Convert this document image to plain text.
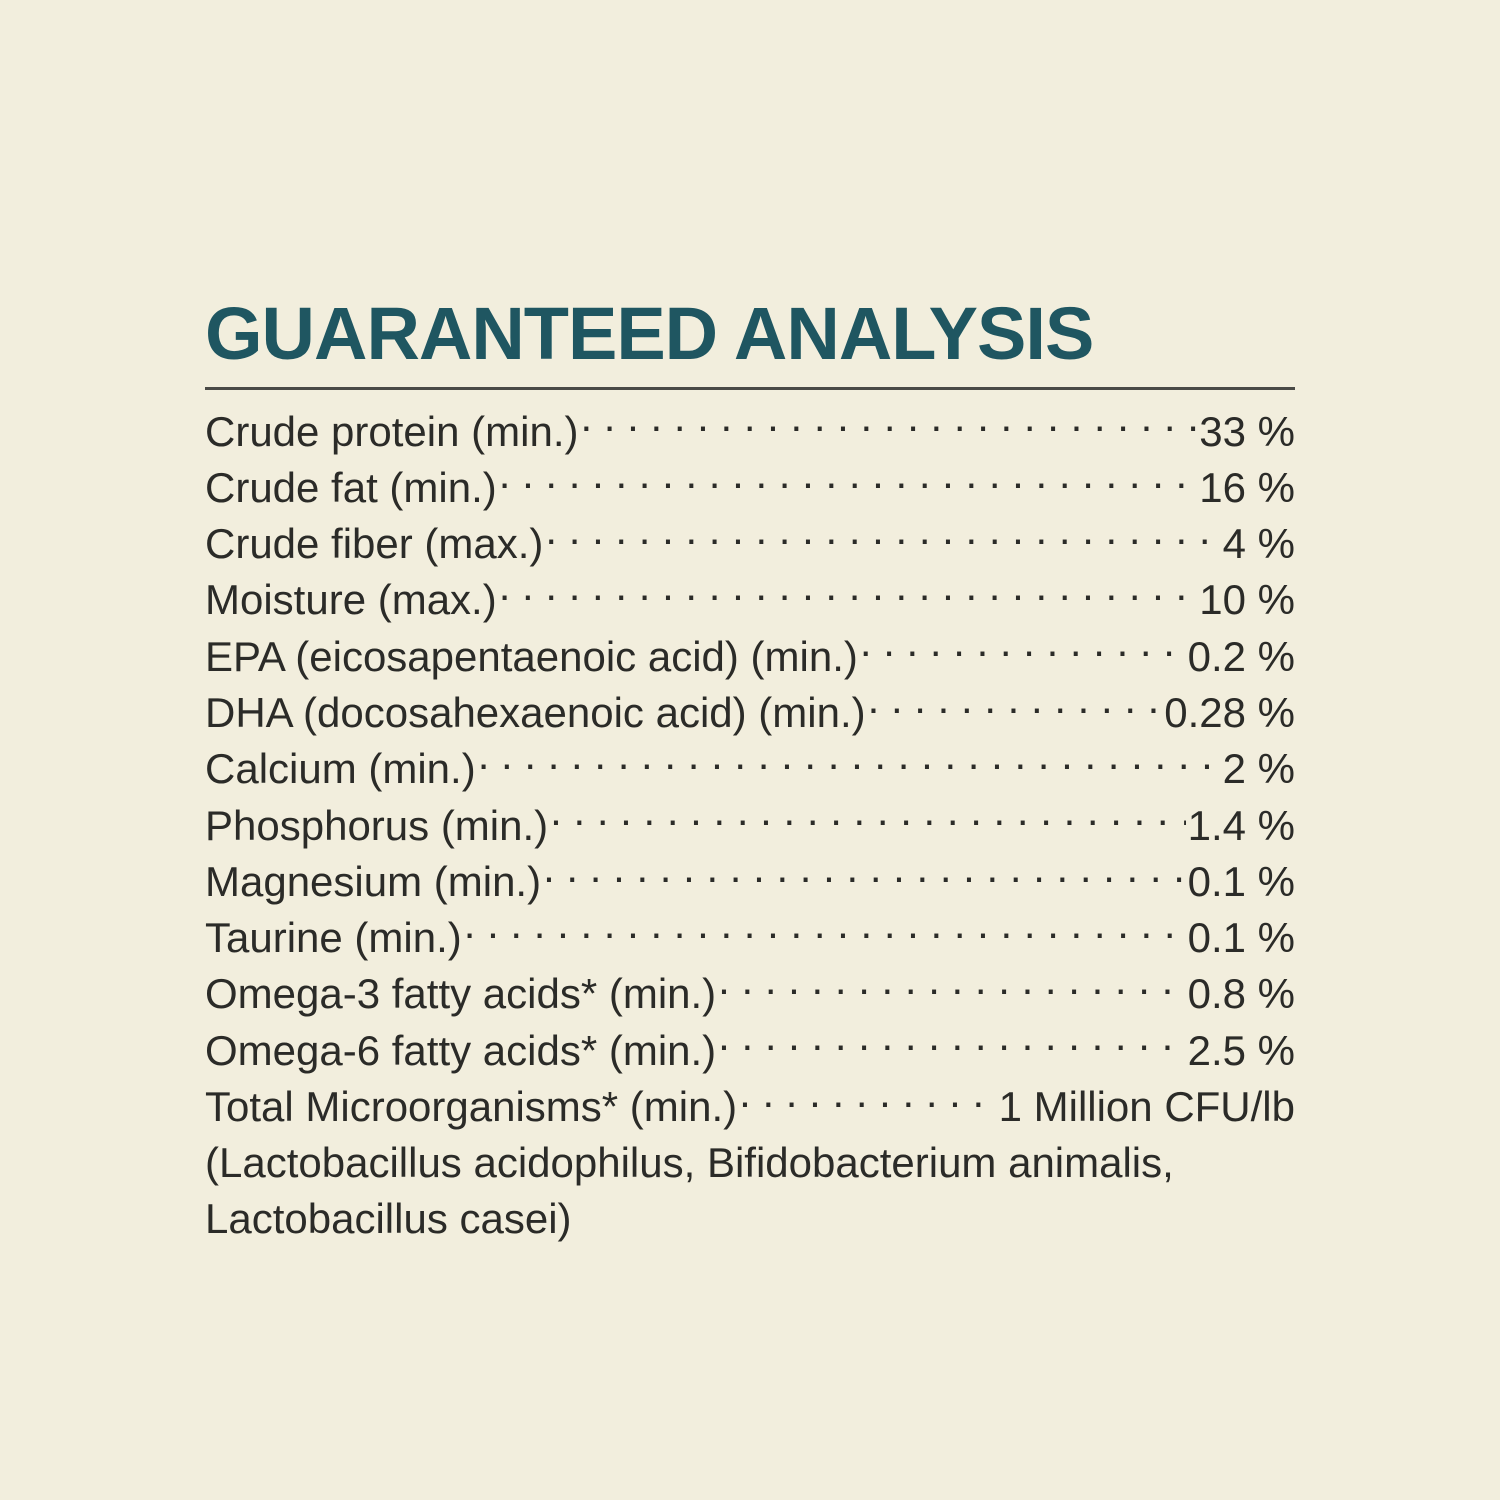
GUARANTEED ANALYSIS
Crude protein (min.) . . .	33 %
Crude fat (min.) . . .	16 %
Crude fiber (max.) . . .	4 %
Moisture (max.) . . .	10 %
EPA (eicosapentaenoic acid) (min.) . . .	0.2 %
DHA (docosahexaenoic acid) (min.) . . .	0.28 %
Calcium (min.) . . .	2 %
Phosphorus (min.) . . .	1.4 %
Magnesium (min.) . . .	0.1 %
Taurine (min.) . . .	0.1 %
Omega-3 fatty acids* (min.) . . .	0.8 %
Omega-6 fatty acids* (min.) . . .	2.5 %
Total Microorganisms* (min.) . . .	1 Million CFU/lb
(Lactobacillus acidophilus, Bifidobacterium animalis, Lactobacillus casei)
